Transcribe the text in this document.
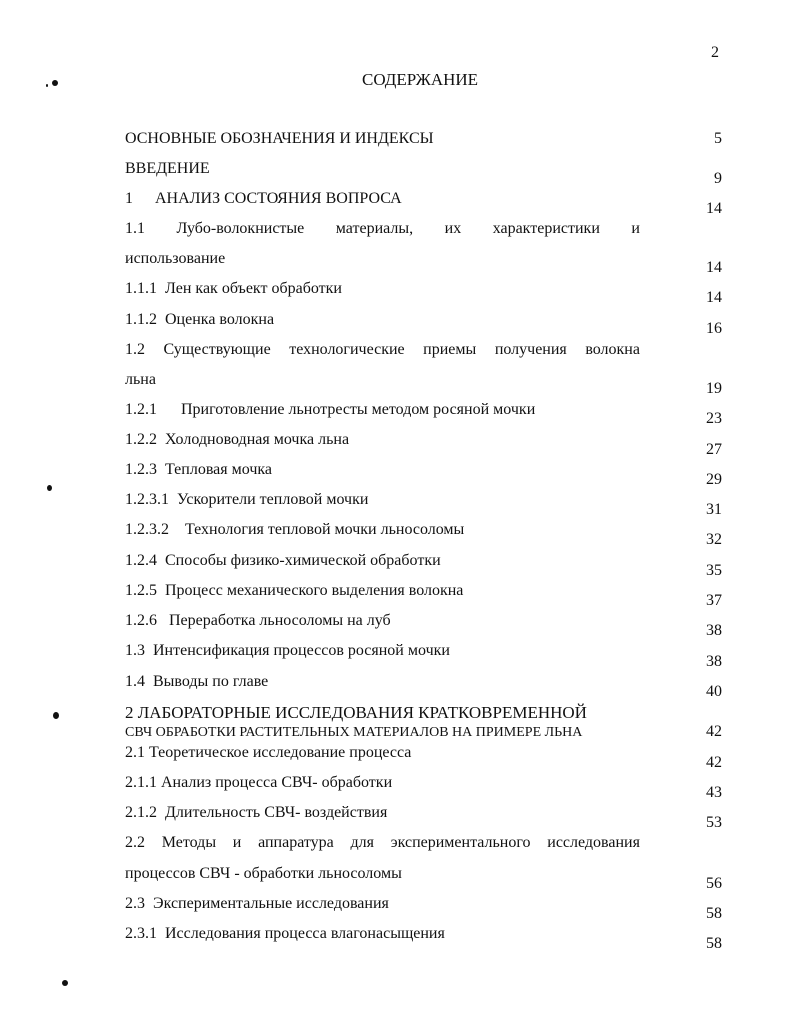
2
СОДЕРЖАНИЕ
ОСНОВНЫЕ ОБОЗНАЧЕНИЯ И ИНДЕКСЫ	5
ВВЕДЕНИЕ
9
1 АНАЛИЗ СОСТОЯНИЯ ВОПРОСА
14
1.1 Лубо-волокнистые материалы, их характеристики и
использование
14
1.1.1  Лен как объект обработки
14
1.1.2  Оценка волокна
16
1.2 Существующие технологические приемы получения волокна
льна
19
1.2.1      Приготовление льнотресты методом росяной мочки
23
1.2.2  Холодноводная мочка льна
27
1.2.3  Тепловая мочка
29
1.2.3.1  Ускорители тепловой мочки
31
1.2.3.2    Технология тепловой мочки льносоломы
32
1.2.4  Способы физико-химической обработки
35
1.2.5  Процесс механического выделения волокна
37
1.2.6   Переработка льносоломы на луб
38
1.3  Интенсификация процессов росяной мочки
38
1.4  Выводы по главе
40
2 ЛАБОРАТОРНЫЕ ИССЛЕДОВАНИЯ КРАТКОВРЕМЕННОЙ
СВЧ ОБРАБОТКИ РАСТИТЕЛЬНЫХ МАТЕРИАЛОВ НА ПРИМЕРЕ ЛЬНА	42
2.1 Теоретическое исследование процесса
42
2.1.1 Анализ процесса СВЧ- обработки
43
2.1.2  Длительность СВЧ- воздействия
53
2.2 Методы и аппаратура для экспериментального исследования
процессов СВЧ - обработки льносоломы
56
2.3  Экспериментальные исследования
58
2.3.1  Исследования процесса влагонасыщения
58
